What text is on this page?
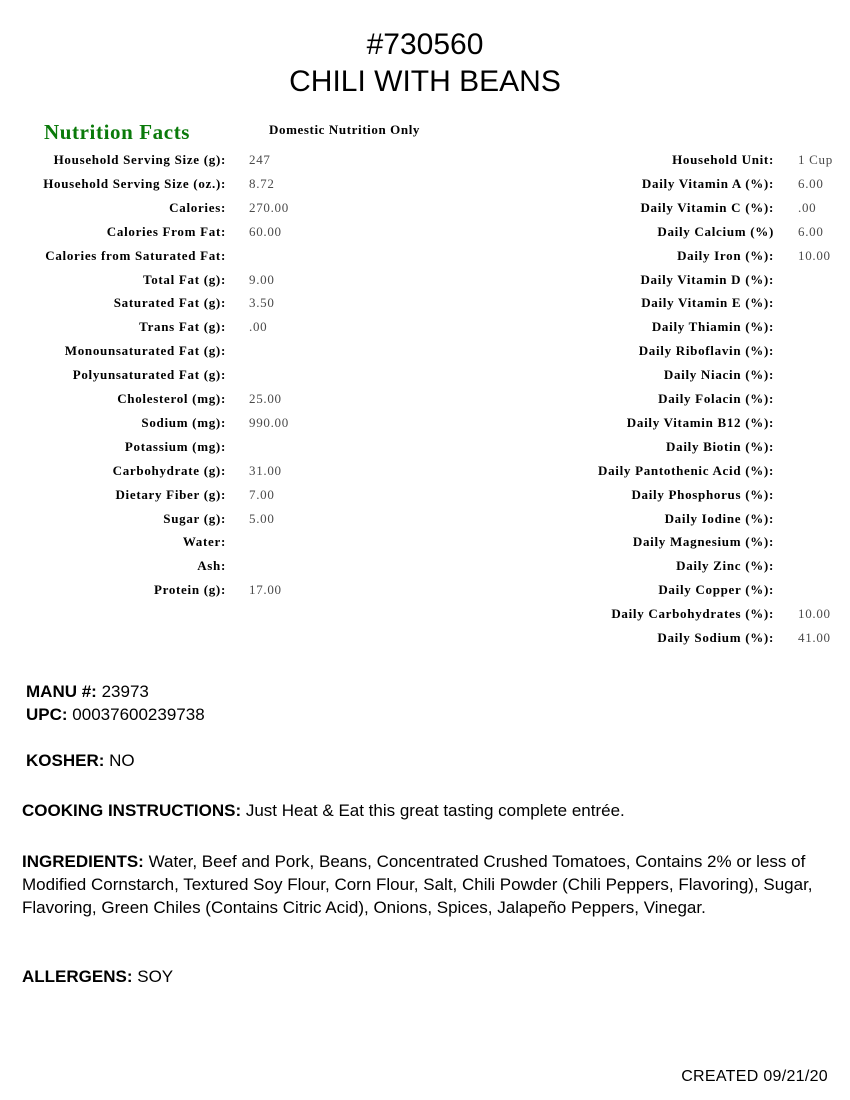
#730560
CHILI WITH BEANS
Nutrition Facts	Domestic Nutrition Only
Household Serving Size (g): 247
Household Serving Size (oz.): 8.72
Calories: 270.00
Calories From Fat: 60.00
Calories from Saturated Fat:
Total Fat (g): 9.00
Saturated Fat (g): 3.50
Trans Fat (g): .00
Monounsaturated Fat (g):
Polyunsaturated Fat (g):
Cholesterol (mg): 25.00
Sodium (mg): 990.00
Potassium (mg):
Carbohydrate (g): 31.00
Dietary Fiber (g): 7.00
Sugar (g): 5.00
Water:
Ash:
Protein (g): 17.00
Household Unit: 1 Cup
Daily Vitamin A (%): 6.00
Daily Vitamin C (%): .00
Daily Calcium (%) 6.00
Daily Iron (%): 10.00
Daily Vitamin D (%):
Daily Vitamin E (%):
Daily Thiamin (%):
Daily Riboflavin (%):
Daily Niacin (%):
Daily Folacin (%):
Daily Vitamin B12 (%):
Daily Biotin (%):
Daily Pantothenic Acid (%):
Daily Phosphorus (%):
Daily Iodine (%):
Daily Magnesium (%):
Daily Zinc (%):
Daily Copper (%):
Daily Carbohydrates (%): 10.00
Daily Sodium (%): 41.00
MANU #: 23973
UPC: 00037600239738
KOSHER: NO
COOKING INSTRUCTIONS: Just Heat & Eat this great tasting complete entrée.
ALLERGENS: SOY
INGREDIENTS: Water, Beef and Pork, Beans, Concentrated Crushed Tomatoes, Contains 2% or less of Modified Cornstarch, Textured Soy Flour, Corn Flour, Salt, Chili Powder (Chili Peppers, Flavoring), Sugar, Flavoring, Green Chiles (Contains Citric Acid), Onions, Spices, Jalapeño Peppers, Vinegar.
CREATED 09/21/20
